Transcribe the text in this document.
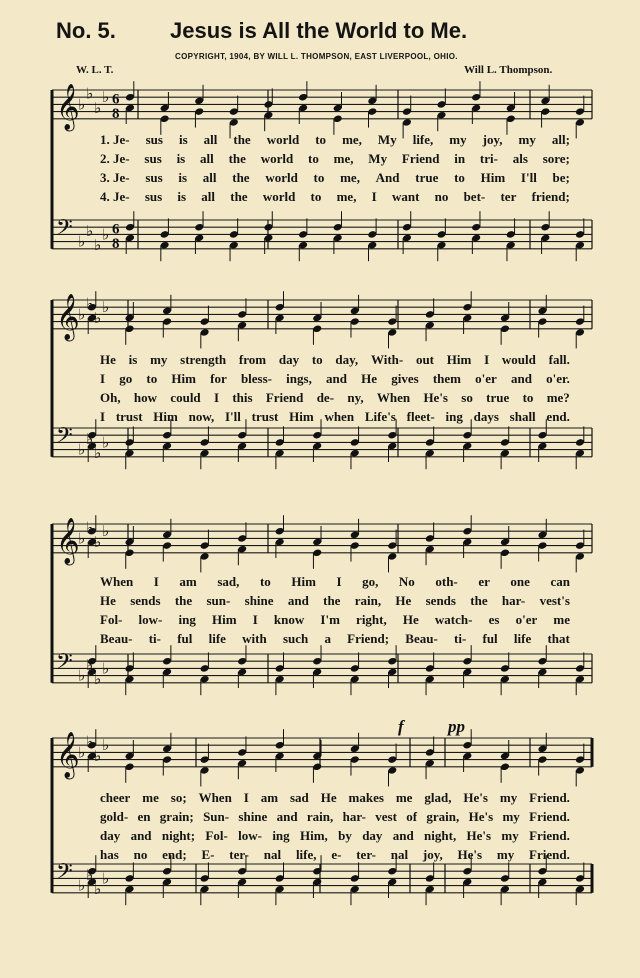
No. 5. Jesus is All the World to Me.
COPYRIGHT, 1904, BY WILL L. THOMPSON, EAST LIVERPOOL, OHIO.
W. L. T.	Will L. Thompson.
𝄞
♭
♭
♭
♭ 6
8
𝄢 ♭
♭
♭
♭ 6
8
𝄞
♭
♭
♭
♭
𝄢 ♭
♭
♭
♭
𝄞
♭
♭
♭
♭
𝄢 ♭
♭
♭
♭
𝄞
♭
♭
♭
♭
𝄢 ♭
♭
♭
♭
f	pp
1. Je- sus is all the world to me, My life, my joy, my all;
2. Je- sus is all the world to me, My Friend in tri- als sore;
3. Je- sus is all the world to me, And true to Him I'll be;
4. Je- sus is all the world to me, I want no bet- ter friend;
He is my strength from day to day, With- out Him I would fall.
I go to Him for bless- ings, and He gives them o'er and o'er.
Oh, how could I this Friend de- ny, When He's so true to me?
I trust Him now, I'll trust Him when Life's fleet- ing days shall end.
When I am sad, to Him I go, No oth- er one can
He sends the sun- shine and the rain, He sends the har- vest's
Fol- low- ing Him I know I'm right, He watch- es o'er me
Beau- ti- ful life with such a Friend; Beau- ti- ful life that
cheer me so; When I am sad He makes me glad, He's my Friend.
gold- en grain; Sun- shine and rain, har- vest of grain, He's my Friend.
day and night; Fol- low- ing Him, by day and night, He's my Friend.
has no end; E- ter- nal life, e- ter- nal joy, He's my Friend.
